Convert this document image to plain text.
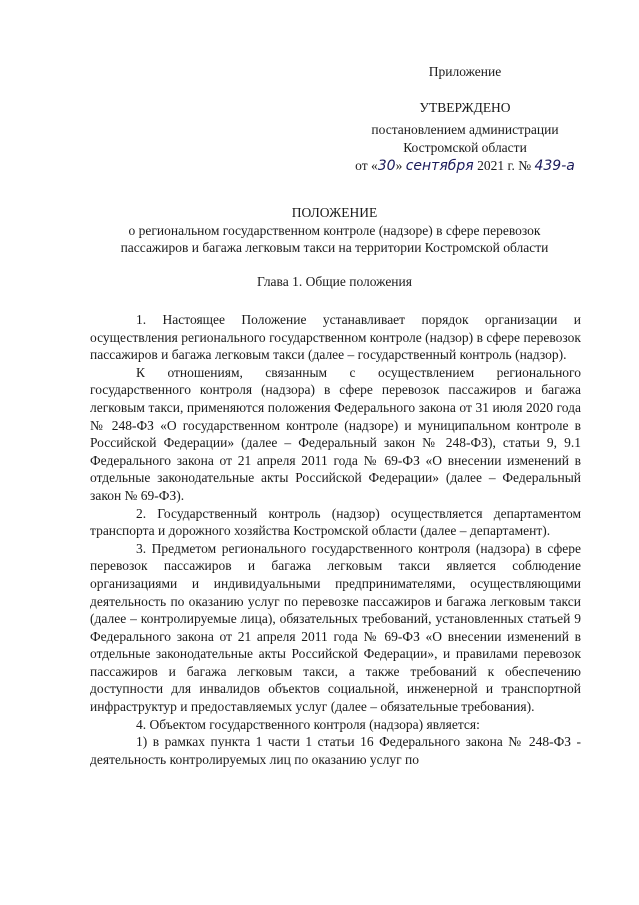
Приложение
УТВЕРЖДЕНО
постановлением администрации
Костромской области
от «30» сентября 2021 г. № 439-а
ПОЛОЖЕНИЕ
о региональном государственном контроле (надзоре) в сфере перевозок
пассажиров и багажа легковым такси на территории Костромской области
Глава 1. Общие положения

1. Настоящее Положение устанавливает порядок организации и осуществления регионального государственном контроле (надзор) в сфере перевозок пассажиров и багажа легковым такси (далее – государственный контроль (надзор).

К отношениям, связанным с осуществлением регионального государственного контроля (надзора) в сфере перевозок пассажиров и багажа легковым такси, применяются положения Федерального закона от 31 июля 2020 года № 248-ФЗ «О государственном контроле (надзоре) и муниципальном контроле в Российской Федерации» (далее – Федеральный закон № 248-ФЗ), статьи 9, 9.1 Федерального закона от 21 апреля 2011 года № 69-ФЗ «О внесении изменений в отдельные законодательные акты Российской Федерации» (далее – Федеральный закон № 69-ФЗ).

2. Государственный контроль (надзор) осуществляется департаментом транспорта и дорожного хозяйства Костромской области (далее – департамент).

3. Предметом регионального государственного контроля (надзора) в сфере перевозок пассажиров и багажа легковым такси является соблюдение организациями и индивидуальными предпринимателями, осуществляющими деятельность по оказанию услуг по перевозке пассажиров и багажа легковым такси (далее – контролируемые лица), обязательных требований, установленных статьей 9 Федерального закона от 21 апреля 2011 года № 69-ФЗ «О внесении изменений в отдельные законодательные акты Российской Федерации», и правилами перевозок пассажиров и багажа легковым такси, а также требований к обеспечению доступности для инвалидов объектов социальной, инженерной и транспортной инфраструктур и предоставляемых услуг (далее – обязательные требования).

4. Объектом государственного контроля (надзора) является:

1) в рамках пункта 1 части 1 статьи 16 Федерального закона № 248-ФЗ - деятельность контролируемых лиц по оказанию услуг по
